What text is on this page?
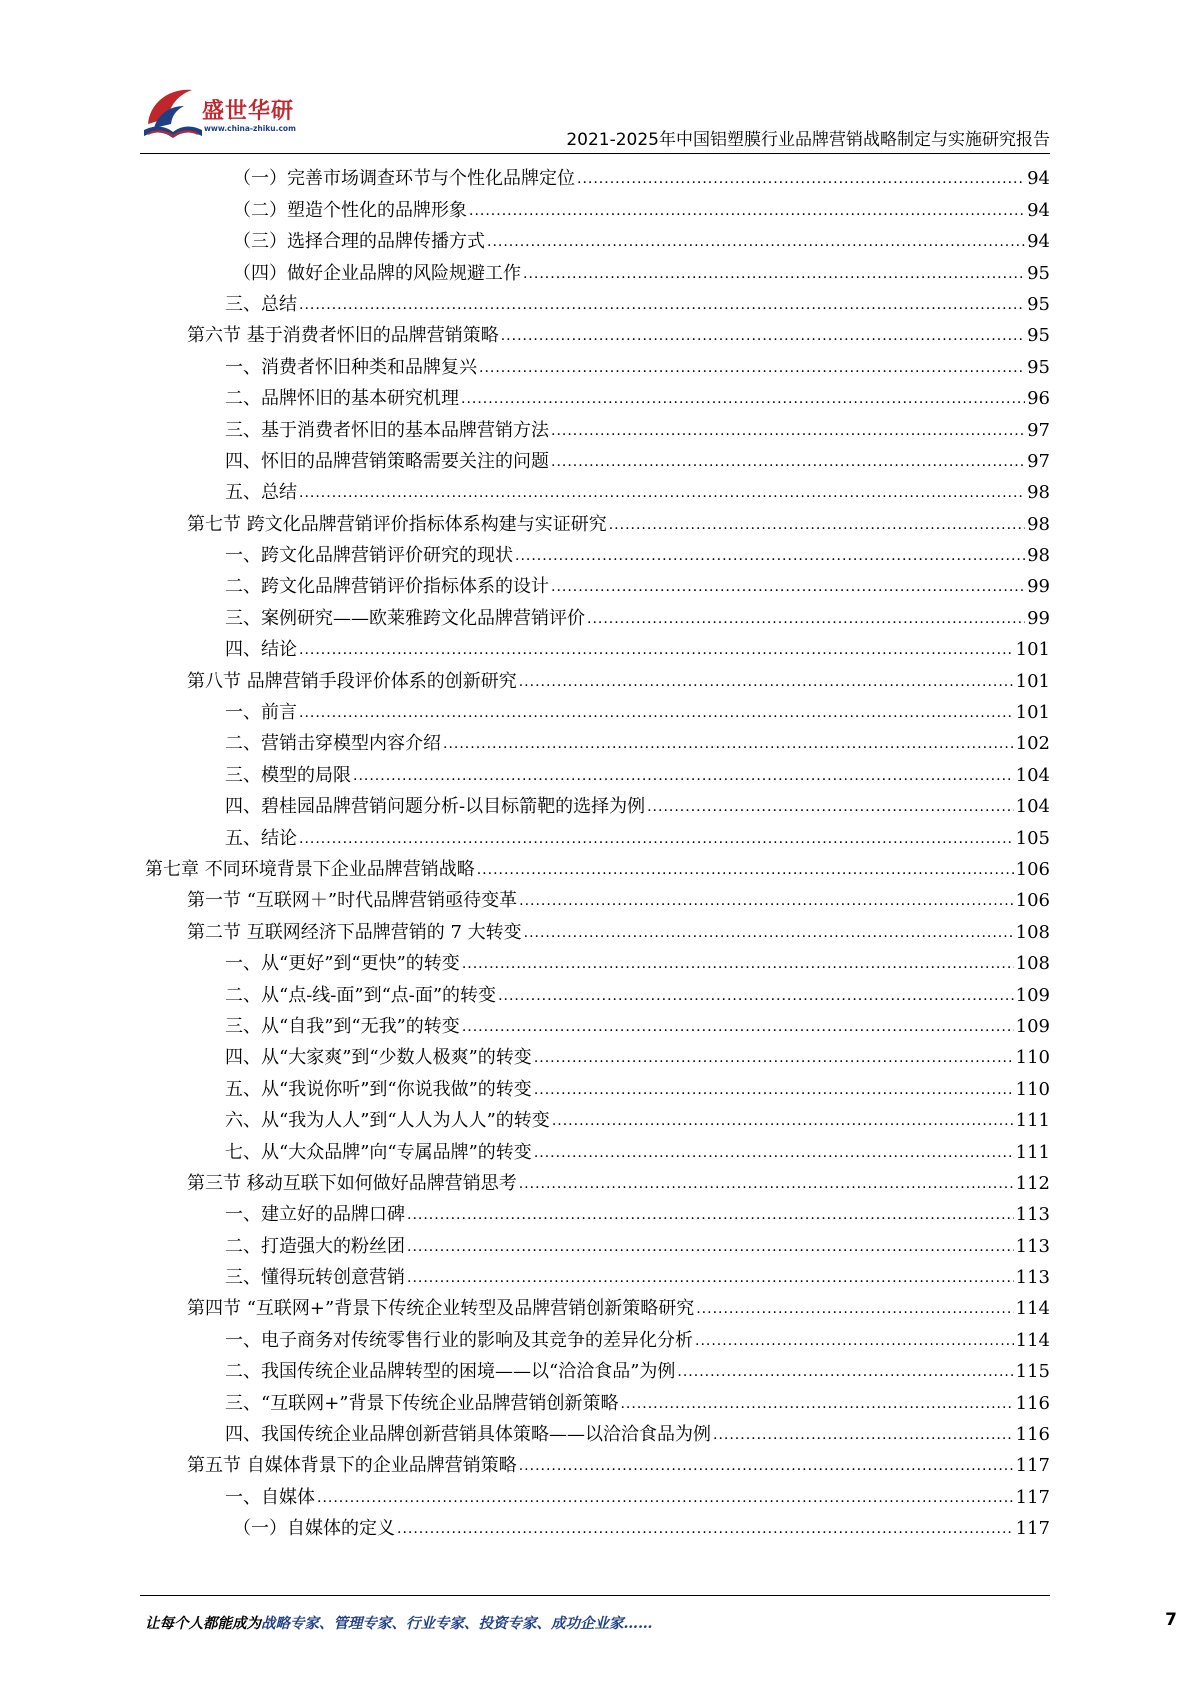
盛世华研
www.china-zhiku.com
2021-2025年中国铝塑膜行业品牌营销战略制定与实施研究报告
（一）完善市场调查环节与个性化品牌定位 .....	94
（二）塑造个性化的品牌形象 .....	94
（三）选择合理的品牌传播方式 .....	94
（四）做好企业品牌的风险规避工作 .....	95
三、总结 .....	95
第六节 基于消费者怀旧的品牌营销策略 .....	95
一、消费者怀旧种类和品牌复兴 .....	95
二、品牌怀旧的基本研究机理 .....	96
三、基于消费者怀旧的基本品牌营销方法 .....	97
四、怀旧的品牌营销策略需要关注的问题 .....	97
五、总结 .....	98
第七节 跨文化品牌营销评价指标体系构建与实证研究 .....	98
一、跨文化品牌营销评价研究的现状 .....	98
二、跨文化品牌营销评价指标体系的设计 .....	99
三、案例研究——欧莱雅跨文化品牌营销评价 .....	99
四、结论 .....	101
第八节 品牌营销手段评价体系的创新研究 .....	101
一、前言 .....	101
二、营销击穿模型内容介绍 .....	102
三、模型的局限 .....	104
四、碧桂园品牌营销问题分析-以目标箭靶的选择为例 .....	104
五、结论 .....	105
第七章 不同环境背景下企业品牌营销战略 .....	106
第一节 “互联网＋”时代品牌营销亟待变革 .....	106
第二节 互联网经济下品牌营销的 7 大转变 .....	108
一、从“更好”到“更快”的转变 .....	108
二、从“点-线-面”到“点-面”的转变 .....	109
三、从“自我”到“无我”的转变 .....	109
四、从“大家爽”到“少数人极爽”的转变 .....	110
五、从“我说你听”到“你说我做”的转变 .....	110
六、从“我为人人”到“人人为人人”的转变 .....	111
七、从“大众品牌”向“专属品牌”的转变 .....	111
第三节 移动互联下如何做好品牌营销思考 .....	112
一、建立好的品牌口碑 .....	113
二、打造强大的粉丝团 .....	113
三、懂得玩转创意营销 .....	113
第四节 “互联网+”背景下传统企业转型及品牌营销创新策略研究 .....	114
一、电子商务对传统零售行业的影响及其竞争的差异化分析 .....	114
二、我国传统企业品牌转型的困境——以“洽洽食品”为例 .....	115
三、“互联网+”背景下传统企业品牌营销创新策略 .....	116
四、我国传统企业品牌创新营销具体策略——以洽洽食品为例 .....	116
第五节 自媒体背景下的企业品牌营销策略 .....	117
一、自媒体 .....	117
（一）自媒体的定义 .....	117
让每个人都能成为战略专家、管理专家、行业专家、投资专家、成功企业家……	7
